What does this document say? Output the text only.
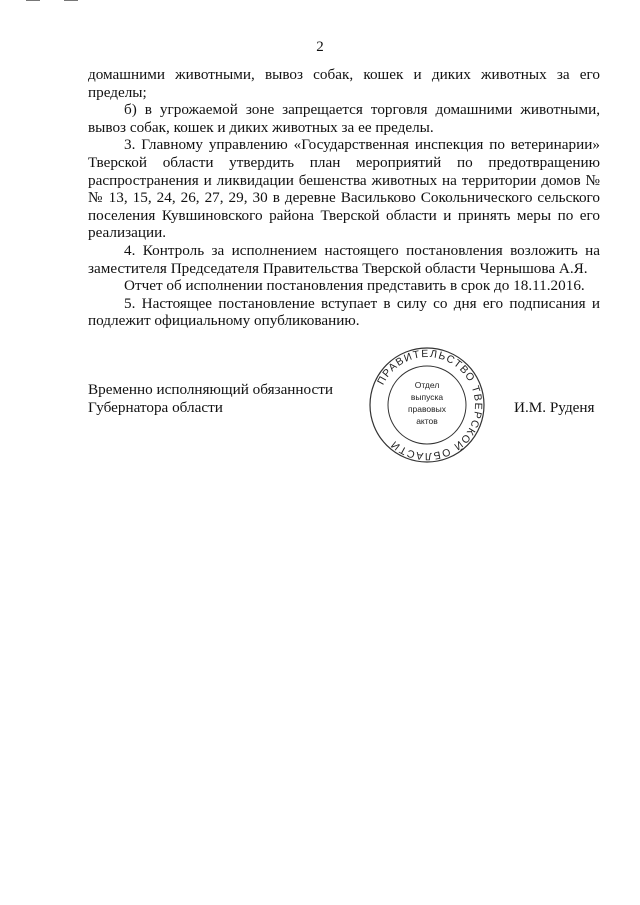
2

домашними животными, вывоз собак, кошек и диких животных за его пределы;

б) в угрожаемой зоне запрещается торговля домашними животными, вывоз собак, кошек и диких животных за ее пределы.

3. Главному управлению «Государственная инспекция по ветеринарии» Тверской области утвердить план мероприятий по предотвращению распространения и ликвидации бешенства животных на территории домов №№ 13, 15, 24, 26, 27, 29, 30 в деревне Васильково Сокольнического сельского поселения Кувшиновского района Тверской области и принять меры по его реализации.

4. Контроль за исполнением настоящего постановления возложить на заместителя Председателя Правительства Тверской области Чернышова А.Я.

Отчет об исполнении постановления представить в срок до 18.11.2016.

5. Настоящее постановление вступает в силу со дня его подписания и подлежит официальному опубликованию.

Временно исполняющий обязанности
Губернатора области
ПРАВИТЕЛЬСТВО ТВЕРСКОЙ ОБЛАСТИ
Отдел
выпуска
правовых
актов
И.М. Руденя
